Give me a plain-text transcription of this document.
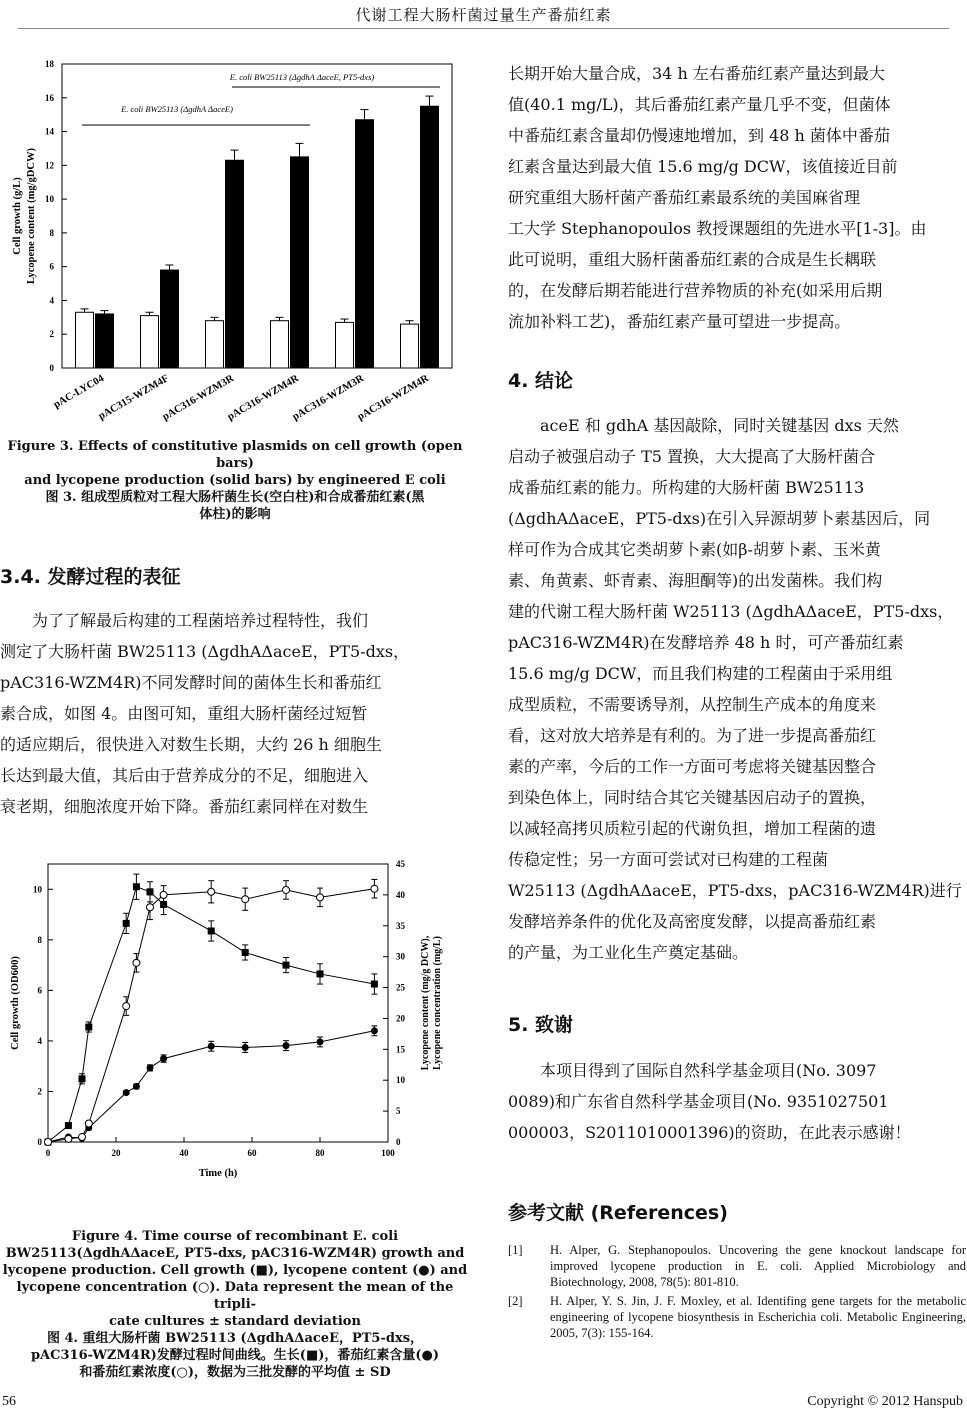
代谢工程大肠杆菌过量生产番茄红素
0
2
4
6
8
10
12
14
16
18
pAC-LYC04
pAC315-WZM4F
pAC316-WZM3R
pAC316-WZM4R
pAC316-WZM3R
pAC316-WZM4R
E. coli BW25113 (ΔgdhA ΔaceE, PT5-dxs)
E. coli BW25113 (ΔgdhA ΔaceE)
Cell growth (g/L) Lycopene content (mg/gDCW)
Figure 3. Effects of constitutive plasmids on cell growth (open bars)
and lycopene production (solid bars) by engineered E coli
图 3. 组成型质粒对工程大肠杆菌生长(空白柱)和合成番茄红素(黑
体柱)的影响
3.4. 发酵过程的表征
为了了解最后构建的工程菌培养过程特性，我们
测定了大肠杆菌 BW25113 (ΔgdhAΔaceE，PT5-dxs，
pAC316-WZM4R)不同发酵时间的菌体生长和番茄红
素合成，如图 4。由图可知，重组大肠杆菌经过短暂
的适应期后，很快进入对数生长期，大约 26 h 细胞生
长达到最大值，其后由于营养成分的不足，细胞进入
衰老期，细胞浓度开始下降。番茄红素同样在对数生
0	20	40	60	80	100
0
2
4
6
8
10
0
5
10
15
20
25
30
35
40
45
Time (h)
Cell growth (OD600)	Lycopene content (mg/g DCW), Lycopene concentration (mg/L)
Figure 4. Time course of recombinant E. coli
BW25113(ΔgdhAΔaceE, PT5-dxs, pAC316-WZM4R) growth and
lycopene production. Cell growth (■), lycopene content (●) and
lycopene concentration (○). Data represent the mean of the tripli-
cate cultures ± standard deviation
图 4. 重组大肠杆菌 BW25113 (ΔgdhAΔaceE，PT5-dxs，
pAC316-WZM4R)发酵过程时间曲线。生长(■)，番茄红素含量(●)
和番茄红素浓度(○)，数据为三批发酵的平均值 ± SD
长期开始大量合成，34 h 左右番茄红素产量达到最大
值(40.1 mg/L)，其后番茄红素产量几乎不变，但菌体
中番茄红素含量却仍慢速地增加，到 48 h 菌体中番茄
红素含量达到最大值 15.6 mg/g DCW，该值接近目前
研究重组大肠杆菌产番茄红素最系统的美国麻省理
工大学 Stephanopoulos 教授课题组的先进水平[1-3]。由
此可说明，重组大肠杆菌番茄红素的合成是生长耦联
的，在发酵后期若能进行营养物质的补充(如采用后期
流加补料工艺)，番茄红素产量可望进一步提高。
4. 结论
aceE 和 gdhA 基因敲除，同时关键基因 dxs 天然
启动子被强启动子 T5 置换，大大提高了大肠杆菌合
成番茄红素的能力。所构建的大肠杆菌 BW25113
(ΔgdhAΔaceE，PT5-dxs)在引入异源胡萝卜素基因后，同
样可作为合成其它类胡萝卜素(如β-胡萝卜素、玉米黄
素、角黄素、虾青素、海胆酮等)的出发菌株。我们构
建的代谢工程大肠杆菌 W25113 (ΔgdhAΔaceE，PT5-dxs，
pAC316-WZM4R)在发酵培养 48 h 时，可产番茄红素
15.6 mg/g DCW，而且我们构建的工程菌由于采用组
成型质粒，不需要诱导剂，从控制生产成本的角度来
看，这对放大培养是有利的。为了进一步提高番茄红
素的产率，今后的工作一方面可考虑将关键基因整合
到染色体上，同时结合其它关键基因启动子的置换，
以减轻高拷贝质粒引起的代谢负担，增加工程菌的遗
传稳定性；另一方面可尝试对已构建的工程菌
W25113 (ΔgdhAΔaceE，PT5-dxs，pAC316-WZM4R)进行
发酵培养条件的优化及高密度发酵，以提高番茄红素
的产量，为工业化生产奠定基础。
5. 致谢
本项目得到了国际自然科学基金项目(No. 3097
0089)和广东省自然科学基金项目(No. 9351027501
000003，S2011010001396)的资助，在此表示感谢！
参考文献 (References)
[1] H. Alper, G. Stephanopoulos. Uncovering the gene knockout landscape for improved lycopene production in E. coli. Applied Microbiology and Biotechnology, 2008, 78(5): 801-810.
[2] H. Alper, Y. S. Jin, J. F. Moxley, et al. Identifing gene targets for the metabolic engineering of lycopene biosynthesis in Escherichia coli. Metabolic Engineering, 2005, 7(3): 155-164.
56	Copyright © 2012 Hanspub
